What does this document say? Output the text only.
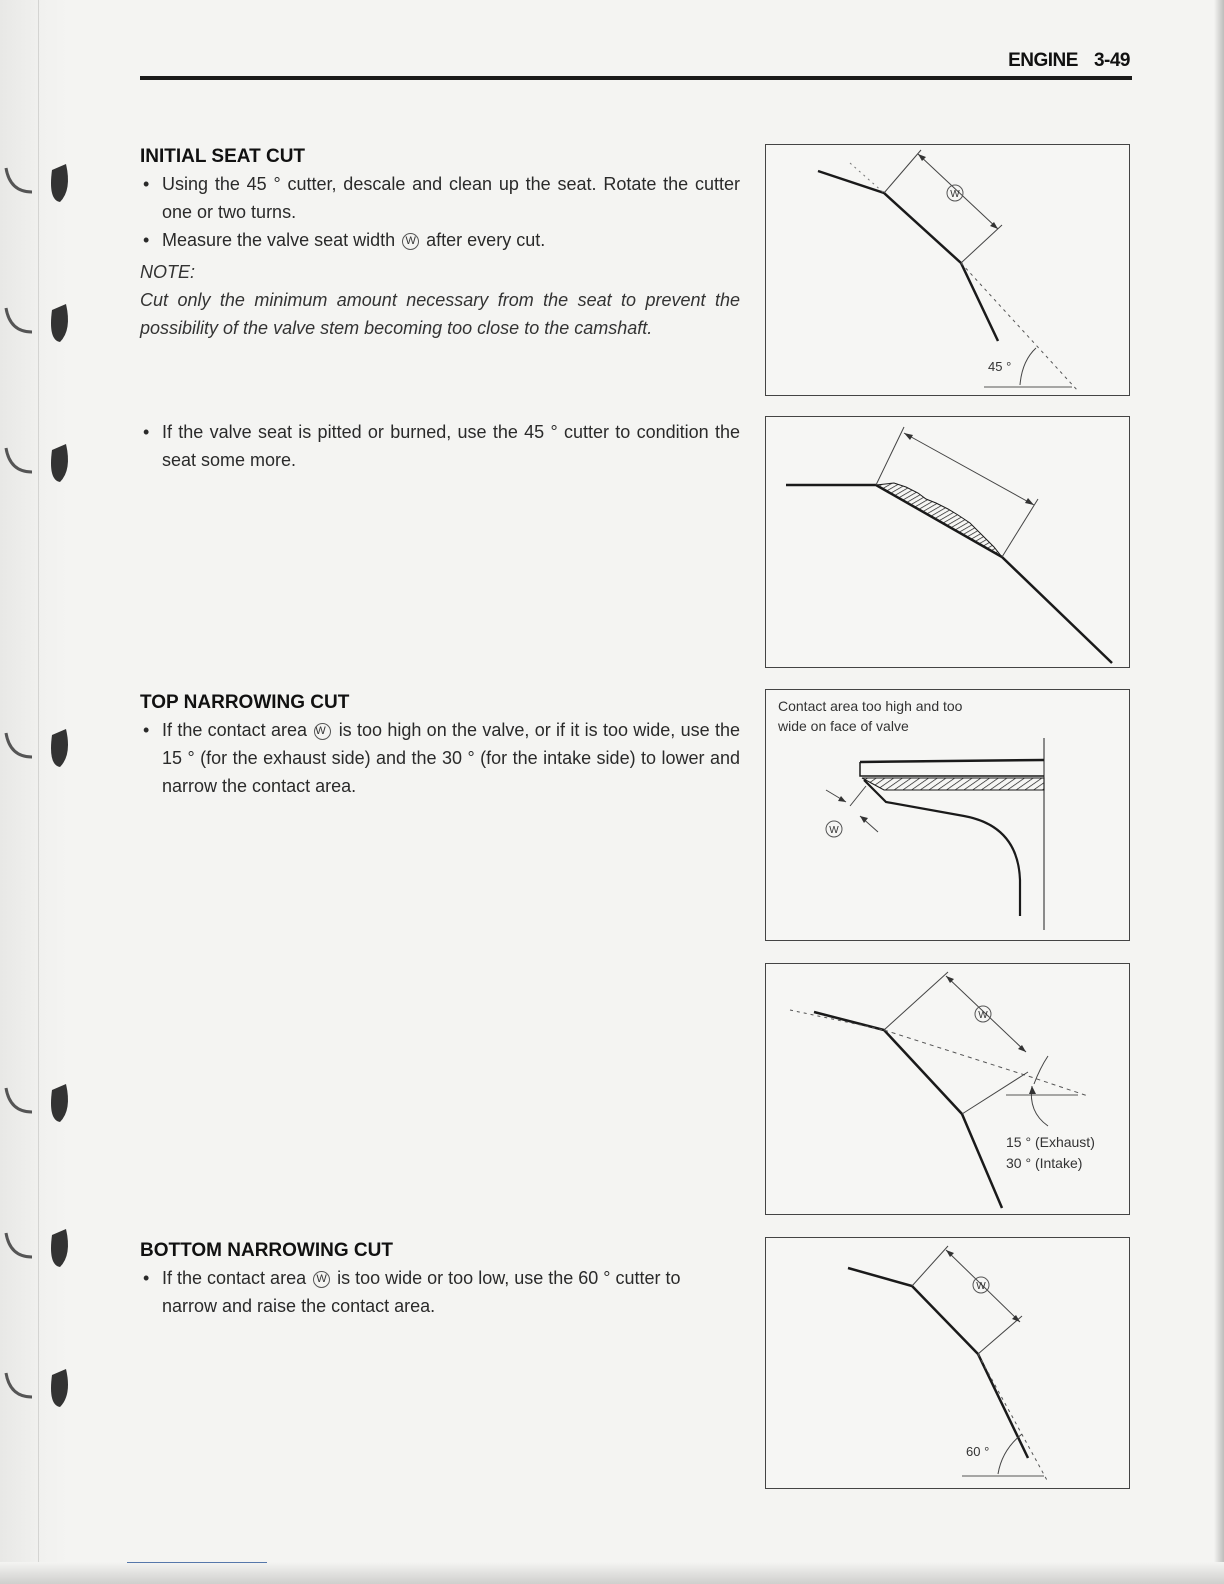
ENGINE 3-49
INITIAL SEAT CUT
• Using the 45 ° cutter, descale and clean up the seat. Rotate the cutter one or two turns.
• Measure the valve seat width W after every cut.
NOTE:
Cut only the minimum amount necessary from the seat to prevent the possibility of the valve stem becoming too close to the camshaft.
• If the valve seat is pitted or burned, use the 45 ° cutter to condition the seat some more.
TOP NARROWING CUT
• If the contact area W is too high on the valve, or if it is too wide, use the 15 ° (for the exhaust side) and the 30 ° (for the intake side) to lower and narrow the contact area.
BOTTOM NARROWING CUT
• If the contact area W is too wide or too low, use the 60 ° cutter to narrow and raise the contact area.
W
45 °
Contact area too high and too
wide on face of valve
W
W
15 ° (Exhaust)
30 ° (Intake)
W
60 °
